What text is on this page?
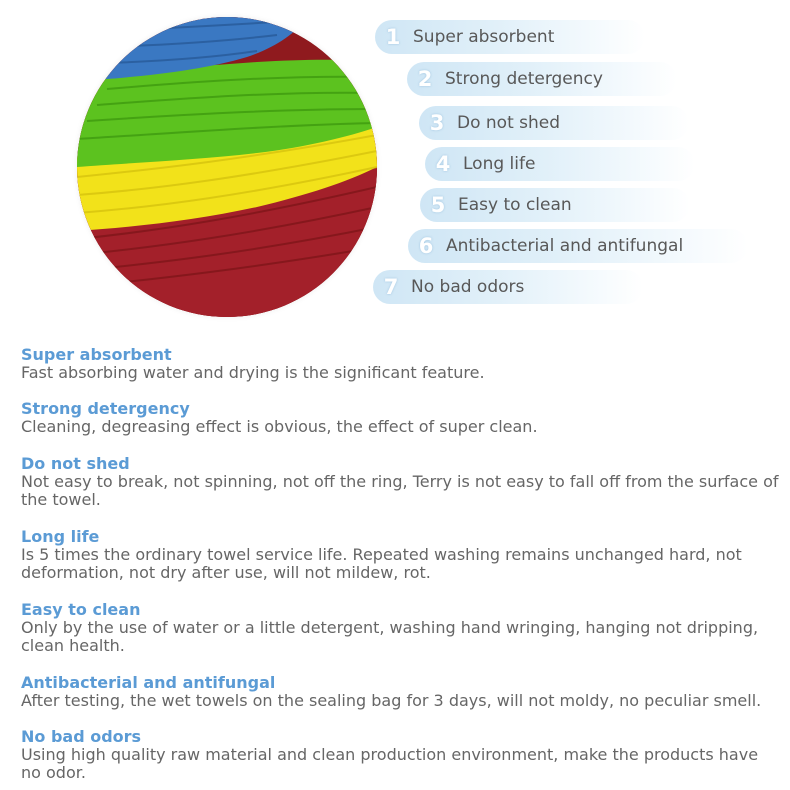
1 Super absorbent
2 Strong detergency
3 Do not shed
4 Long life
5 Easy to clean
6 Antibacterial and antifungal
7 No bad odors
Super absorbent

Fast absorbing water and drying is the significant feature.

Strong detergency

Cleaning, degreasing effect is obvious, the effect of super clean.

Do not shed

Not easy to break, not spinning, not off the ring, Terry is not easy to fall off from the surface of the towel.

Long life

Is 5 times the ordinary towel service life. Repeated washing remains unchanged hard, not deformation, not dry after use, will not mildew, rot.

Easy to clean

Only by the use of water or a little detergent, washing hand wringing, hanging not dripping, clean health.

Antibacterial and antifungal

After testing, the wet towels on the sealing bag for 3 days, will not moldy, no peculiar smell.

No bad odors

Using high quality raw material and clean production environment, make the products have no odor.
